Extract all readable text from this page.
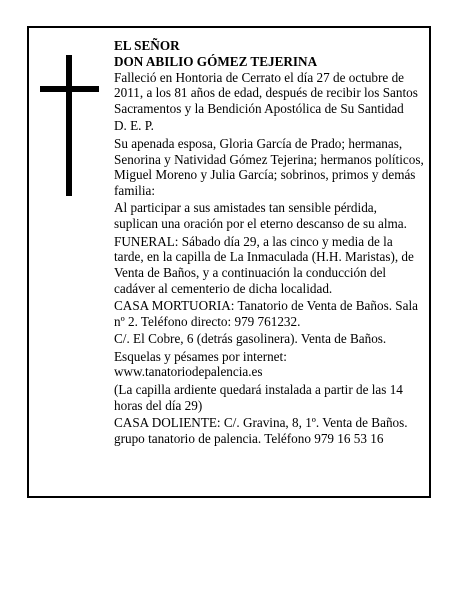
EL SEÑOR
DON ABILIO GÓMEZ TEJERINA

Falleció en Hontoria de Cerrato el día 27 de octubre de 2011, a los 81 años de edad, después de recibir los Santos Sacramentos y la Bendición Apostólica de Su Santidad

D. E. P.

Su apenada esposa, Gloria García de Prado; hermanas, Senorina y Natividad Gómez Tejerina; hermanos políticos, Miguel Moreno y Julia García; sobrinos, primos y demás familia:

Al participar a sus amistades tan sensible pérdida, suplican una oración por el eterno descanso de su alma.

FUNERAL: Sábado día 29, a las cinco y media de la tarde, en la capilla de La Inmaculada (H.H. Maristas), de Venta de Baños, y a continuación la conducción del cadáver al cementerio de dicha localidad.

CASA MORTUORIA: Tanatorio de Venta de Baños. Sala nº 2. Teléfono directo: 979 761232.

C/. El Cobre, 6 (detrás gasolinera). Venta de Baños.

Esquelas y pésames por internet: www.tanatoriodepalencia.es

(La capilla ardiente quedará instalada a partir de las 14 horas del día 29)

CASA DOLIENTE: C/. Gravina, 8, 1º. Venta de Baños. grupo tanatorio de palencia. Teléfono 979 16 53 16
